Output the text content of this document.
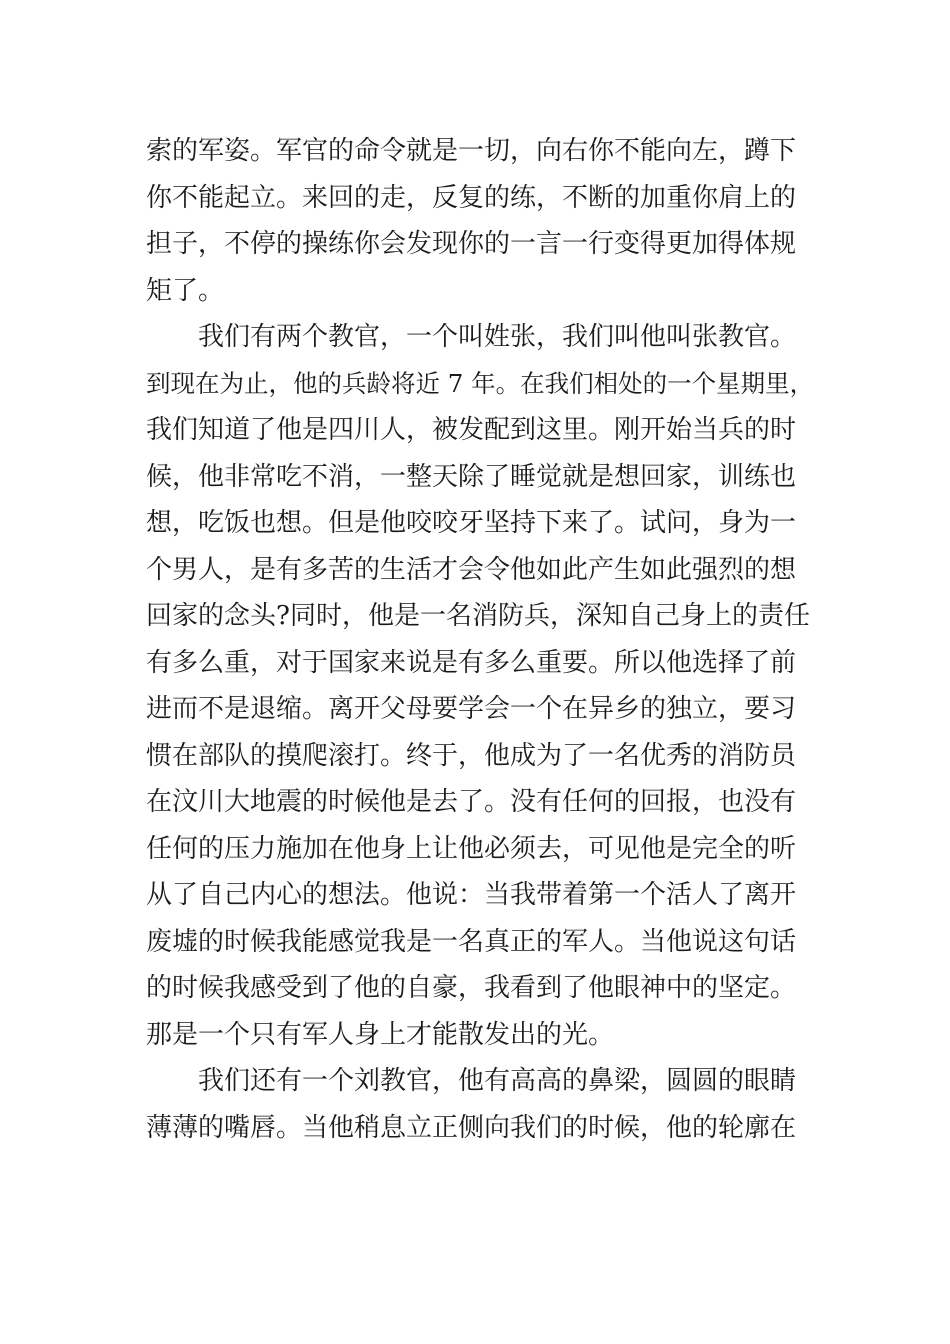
索的军姿。军官的命令就是一切，向右你不能向左，蹲下
你不能起立。来回的走，反复的练，不断的加重你肩上的
担子，不停的操练你会发现你的一言一行变得更加得体规
矩了。
我们有两个教官，一个叫姓张，我们叫他叫张教官。
到现在为止，他的兵龄将近 7 年。在我们相处的一个星期里，
我们知道了他是四川人，被发配到这里。刚开始当兵的时
候，他非常吃不消，一整天除了睡觉就是想回家，训练也
想，吃饭也想。但是他咬咬牙坚持下来了。试问，身为一
个男人，是有多苦的生活才会令他如此产生如此强烈的想
回家的念头?同时，他是一名消防兵，深知自己身上的责任
有多么重，对于国家来说是有多么重要。所以他选择了前
进而不是退缩。离开父母要学会一个在异乡的独立，要习
惯在部队的摸爬滚打。终于，他成为了一名优秀的消防员
在汶川大地震的时候他是去了。没有任何的回报，也没有
任何的压力施加在他身上让他必须去，可见他是完全的听
从了自己内心的想法。他说：当我带着第一个活人了离开
废墟的时候我能感觉我是一名真正的军人。当他说这句话
的时候我感受到了他的自豪，我看到了他眼神中的坚定。
那是一个只有军人身上才能散发出的光。
我们还有一个刘教官，他有高高的鼻梁，圆圆的眼睛
薄薄的嘴唇。当他稍息立正侧向我们的时候，他的轮廓在
